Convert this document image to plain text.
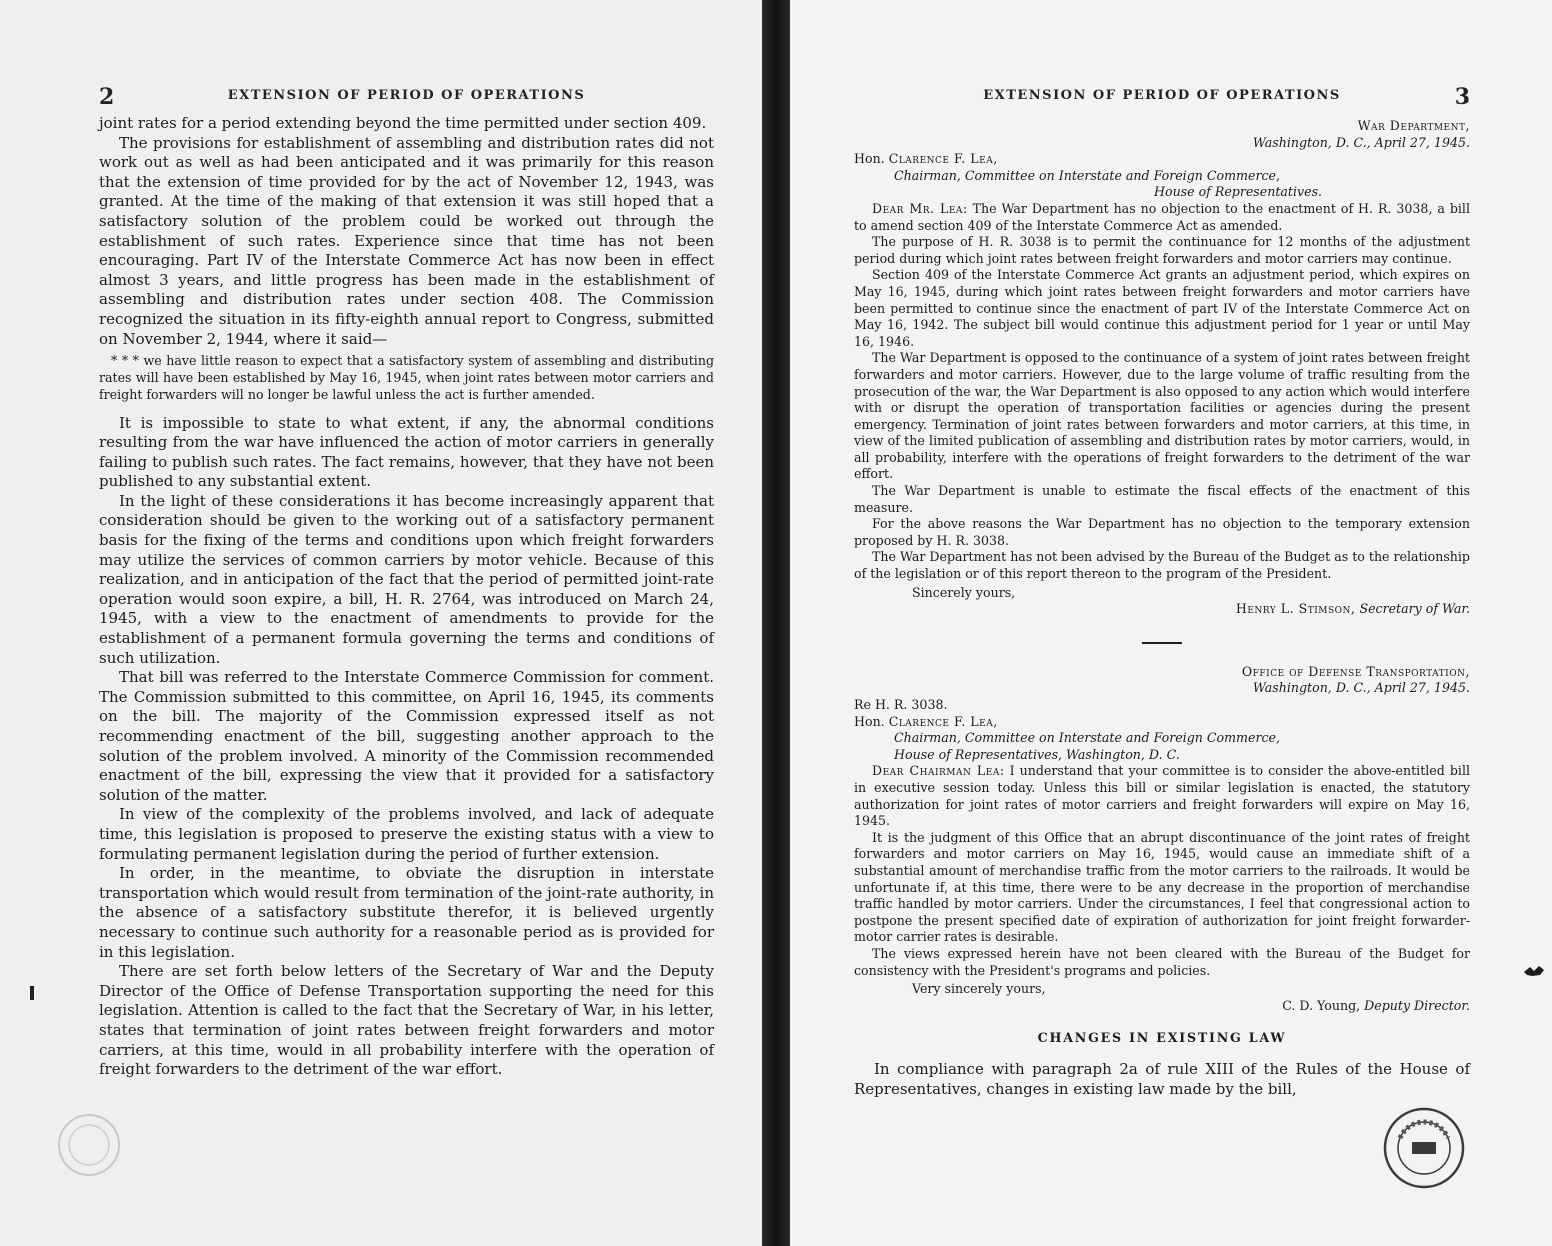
2	EXTENSION OF PERIOD OF OPERATIONS

joint rates for a period extending beyond the time permitted under section 409.

The provisions for establishment of assembling and distribution rates did not work out as well as had been anticipated and it was primarily for this reason that the extension of time provided for by the act of November 12, 1943, was granted. At the time of the making of that extension it was still hoped that a satisfactory solution of the problem could be worked out through the establishment of such rates. Experience since that time has not been encouraging. Part IV of the Interstate Commerce Act has now been in effect almost 3 years, and little progress has been made in the establishment of assembling and distribution rates under section 408. The Commission recognized the situation in its fifty-eighth annual report to Congress, submitted on November 2, 1944, where it said—

* * * we have little reason to expect that a satisfactory system of assembling and distributing rates will have been established by May 16, 1945, when joint rates between motor carriers and freight forwarders will no longer be lawful unless the act is further amended.

It is impossible to state to what extent, if any, the abnormal conditions resulting from the war have influenced the action of motor carriers in generally failing to publish such rates. The fact remains, however, that they have not been published to any substantial extent.

In the light of these considerations it has become increasingly apparent that consideration should be given to the working out of a satisfactory permanent basis for the fixing of the terms and conditions upon which freight forwarders may utilize the services of common carriers by motor vehicle. Because of this realization, and in anticipation of the fact that the period of permitted joint-rate operation would soon expire, a bill, H. R. 2764, was introduced on March 24, 1945, with a view to the enactment of amendments to provide for the establishment of a permanent formula governing the terms and conditions of such utilization.

That bill was referred to the Interstate Commerce Commission for comment. The Commission submitted to this committee, on April 16, 1945, its comments on the bill. The majority of the Commission expressed itself as not recommending enactment of the bill, suggesting another approach to the solution of the problem involved. A minority of the Commission recommended enactment of the bill, expressing the view that it provided for a satisfactory solution of the matter.

In view of the complexity of the problems involved, and lack of adequate time, this legislation is proposed to preserve the existing status with a view to formulating permanent legislation during the period of further extension.

In order, in the meantime, to obviate the disruption in interstate transportation which would result from termination of the joint-rate authority, in the absence of a satisfactory substitute therefor, it is believed urgently necessary to continue such authority for a reasonable period as is provided for in this legislation.

There are set forth below letters of the Secretary of War and the Deputy Director of the Office of Defense Transportation supporting the need for this legislation. Attention is called to the fact that the Secretary of War, in his letter, states that termination of joint rates between freight forwarders and motor carriers, at this time, would in all probability interfere with the operation of freight forwarders to the detriment of the war effort.

EXTENSION OF PERIOD OF OPERATIONS	3

War Department,

Washington, D. C., April 27, 1945.

Hon. Clarence F. Lea,

Chairman, Committee on Interstate and Foreign Commerce,

House of Representatives.

Dear Mr. Lea: The War Department has no objection to the enactment of H. R. 3038, a bill to amend section 409 of the Interstate Commerce Act as amended.

The purpose of H. R. 3038 is to permit the continuance for 12 months of the adjustment period during which joint rates between freight forwarders and motor carriers may continue.

Section 409 of the Interstate Commerce Act grants an adjustment period, which expires on May 16, 1945, during which joint rates between freight forwarders and motor carriers have been permitted to continue since the enactment of part IV of the Interstate Commerce Act on May 16, 1942. The subject bill would continue this adjustment period for 1 year or until May 16, 1946.

The War Department is opposed to the continuance of a system of joint rates between freight forwarders and motor carriers. However, due to the large volume of traffic resulting from the prosecution of the war, the War Department is also opposed to any action which would interfere with or disrupt the operation of transportation facilities or agencies during the present emergency. Termination of joint rates between forwarders and motor carriers, at this time, in view of the limited publication of assembling and distribution rates by motor carriers, would, in all probability, interfere with the operations of freight forwarders to the detriment of the war effort.

The War Department is unable to estimate the fiscal effects of the enactment of this measure.

For the above reasons the War Department has no objection to the temporary extension proposed by H. R. 3038.

The War Department has not been advised by the Bureau of the Budget as to the relationship of the legislation or of this report thereon to the program of the President.

Sincerely yours,

Henry L. Stimson, Secretary of War.

Office of Defense Transportation,

Washington, D. C., April 27, 1945.

Re H. R. 3038.

Hon. Clarence F. Lea,

Chairman, Committee on Interstate and Foreign Commerce,

House of Representatives, Washington, D. C.

Dear Chairman Lea: I understand that your committee is to consider the above-entitled bill in executive session today. Unless this bill or similar legislation is enacted, the statutory authorization for joint rates of motor carriers and freight forwarders will expire on May 16, 1945.

It is the judgment of this Office that an abrupt discontinuance of the joint rates of freight forwarders and motor carriers on May 16, 1945, would cause an immediate shift of a substantial amount of merchandise traffic from the motor carriers to the railroads. It would be unfortunate if, at this time, there were to be any decrease in the proportion of merchandise traffic handled by motor carriers. Under the circumstances, I feel that congressional action to postpone the present specified date of expiration of authorization for joint freight forwarder-motor carrier rates is desirable.

The views expressed herein have not been cleared with the Bureau of the Budget for consistency with the President's programs and policies.

Very sincerely yours,

C. D. Young, Deputy Director.

CHANGES IN EXISTING LAW

In compliance with paragraph 2a of rule XIII of the Rules of the House of Representatives, changes in existing law made by the bill,
